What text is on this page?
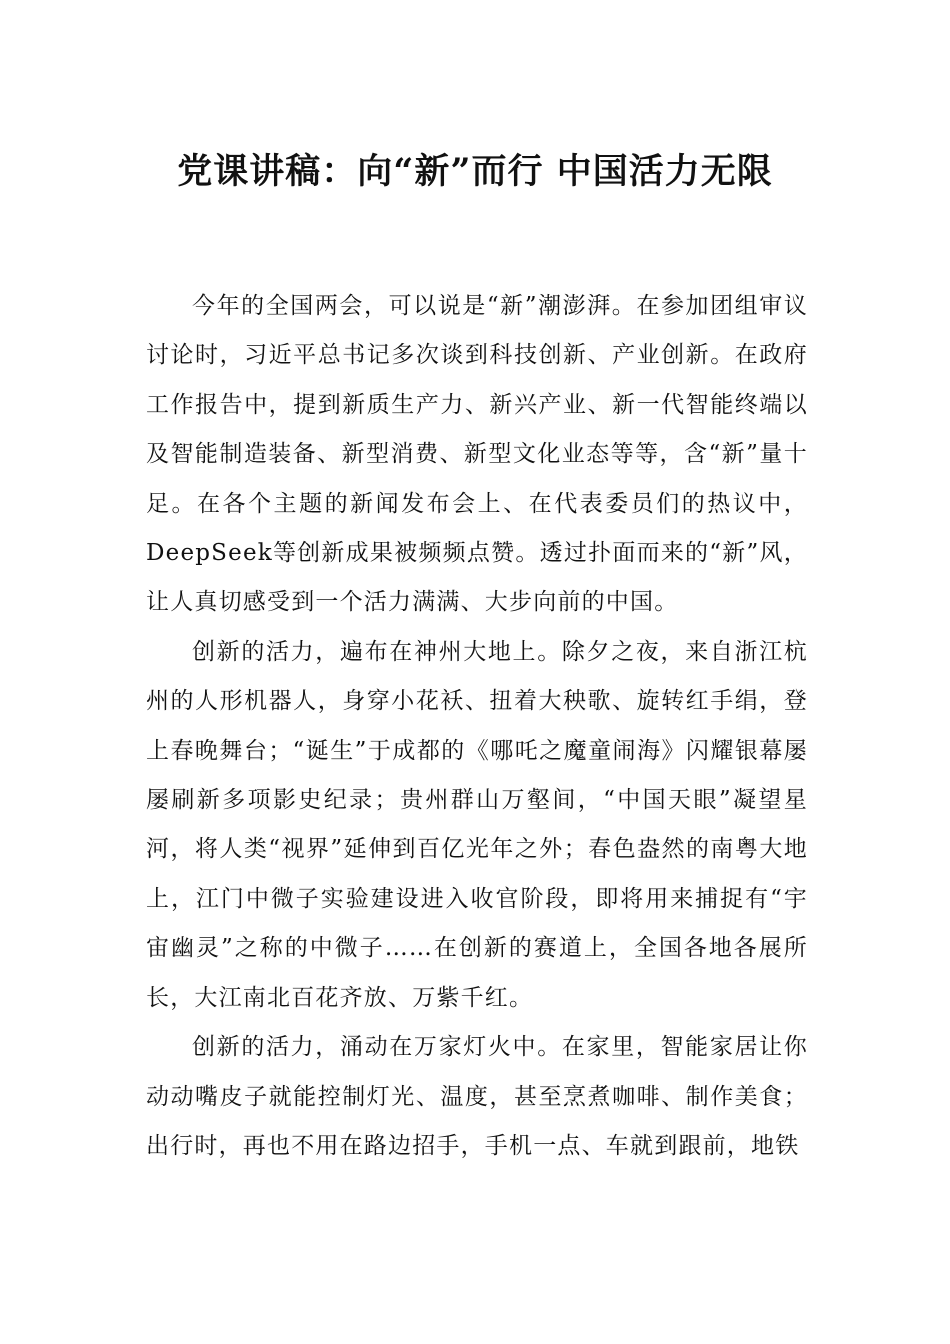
党课讲稿：向“新”而行 中国活力无限

今年的全国两会，可以说是“新”潮澎湃。在参加团组审议讨论时，习近平总书记多次谈到科技创新、产业创新。在政府工作报告中，提到新质生产力、新兴产业、新一代智能终端以及智能制造装备、新型消费、新型文化业态等等，含“新”量十足。在各个主题的新闻发布会上、在代表委员们的热议中，DeepSeek等创新成果被频频点赞。透过扑面而来的“新”风，让人真切感受到一个活力满满、大步向前的中国。

创新的活力，遍布在神州大地上。除夕之夜，来自浙江杭州的人形机器人，身穿小花袄、扭着大秧歌、旋转红手绢，登上春晚舞台；“诞生”于成都的《哪吒之魔童闹海》闪耀银幕屡屡刷新多项影史纪录；贵州群山万壑间，“中国天眼”凝望星河，将人类“视界”延伸到百亿光年之外；春色盎然的南粤大地上，江门中微子实验建设进入收官阶段，即将用来捕捉有“宇宙幽灵”之称的中微子……在创新的赛道上，全国各地各展所长，大江南北百花齐放、万紫千红。

创新的活力，涌动在万家灯火中。在家里，智能家居让你动动嘴皮子就能控制灯光、温度，甚至烹煮咖啡、制作美食；出行时，再也不用在路边招手，手机一点、车就到跟前，地铁
